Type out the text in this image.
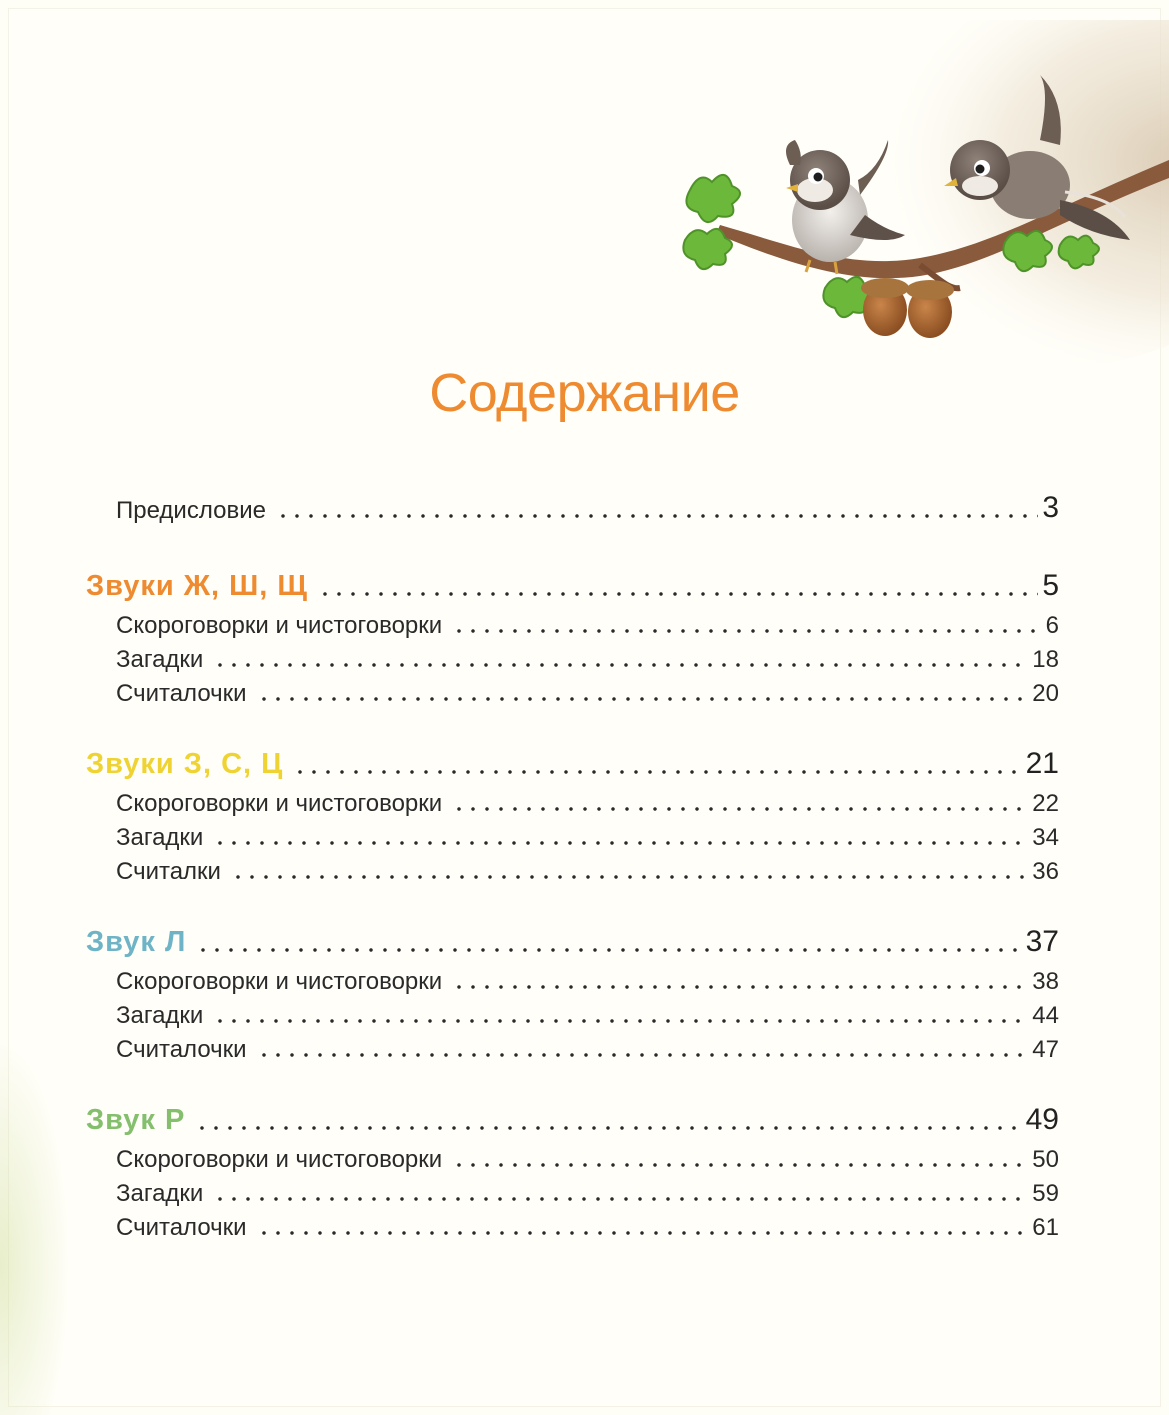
Содержание
Предисловие	3
Звуки Ж, Ш, Щ	5
Скороговорки и чистоговорки	6
Загадки	18
Считалочки	20
Звуки З, С, Ц	21
Скороговорки и чистоговорки	22
Загадки	34
Считалки	36
Звук Л	37
Скороговорки и чистоговорки	38
Загадки	44
Считалочки	47
Звук Р	49
Скороговорки и чистоговорки	50
Загадки	59
Считалочки	61
